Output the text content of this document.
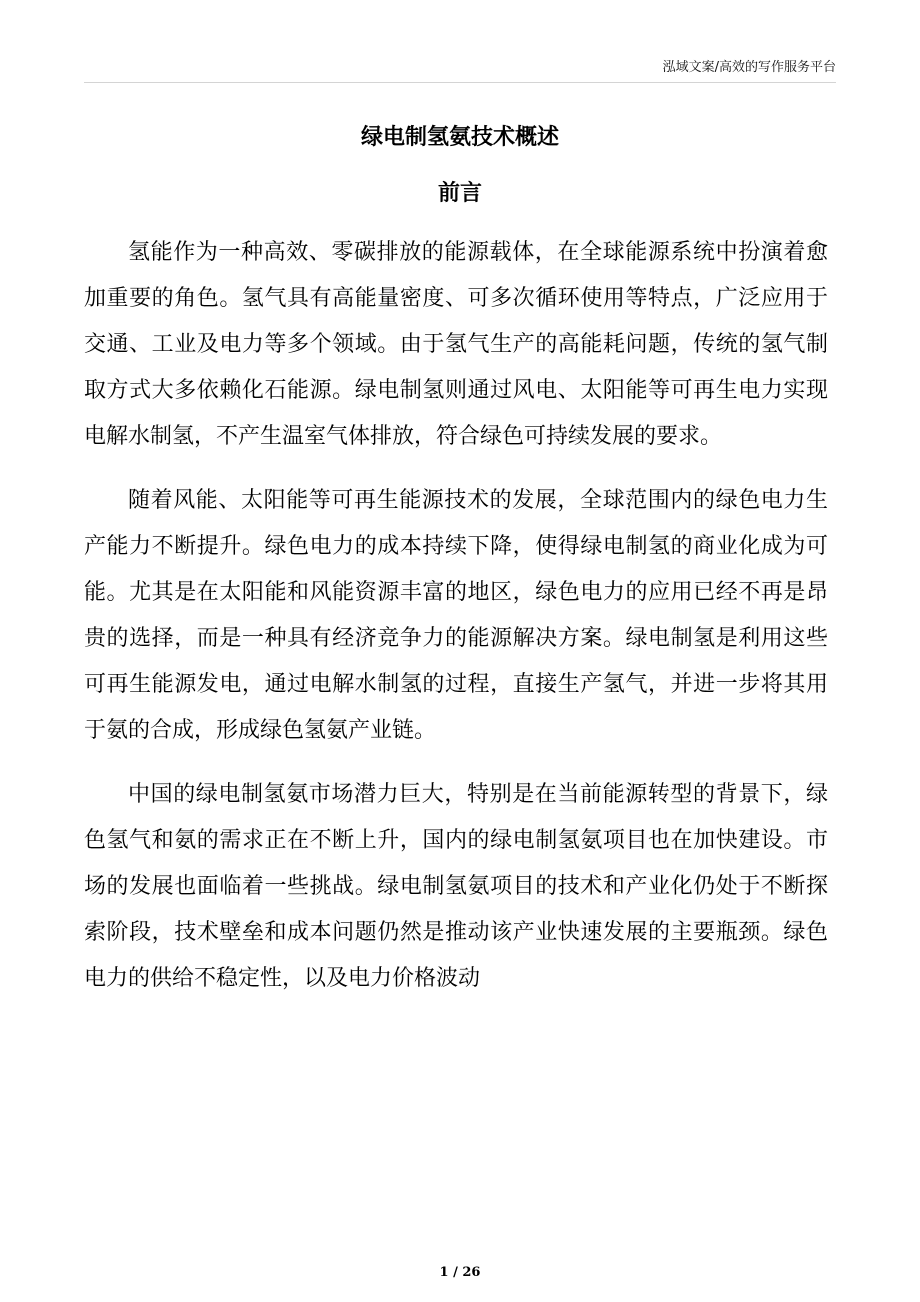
泓域文案/高效的写作服务平台
绿电制氢氨技术概述
前言

氢能作为一种高效、零碳排放的能源载体，在全球能源系统中扮演着愈加重要的角色。氢气具有高能量密度、可多次循环使用等特点，广泛应用于交通、工业及电力等多个领域。由于氢气生产的高能耗问题，传统的氢气制取方式大多依赖化石能源。绿电制氢则通过风电、太阳能等可再生电力实现电解水制氢，不产生温室气体排放，符合绿色可持续发展的要求。

随着风能、太阳能等可再生能源技术的发展，全球范围内的绿色电力生产能力不断提升。绿色电力的成本持续下降，使得绿电制氢的商业化成为可能。尤其是在太阳能和风能资源丰富的地区，绿色电力的应用已经不再是昂贵的选择，而是一种具有经济竞争力的能源解决方案。绿电制氢是利用这些可再生能源发电，通过电解水制氢的过程，直接生产氢气，并进一步将其用于氨的合成，形成绿色氢氨产业链。

中国的绿电制氢氨市场潜力巨大，特别是在当前能源转型的背景下，绿色氢气和氨的需求正在不断上升，国内的绿电制氢氨项目也在加快建设。市场的发展也面临着一些挑战。绿电制氢氨项目的技术和产业化仍处于不断探索阶段，技术壁垒和成本问题仍然是推动该产业快速发展的主要瓶颈。绿色电力的供给不稳定性，以及电力价格波动

1 / 26
